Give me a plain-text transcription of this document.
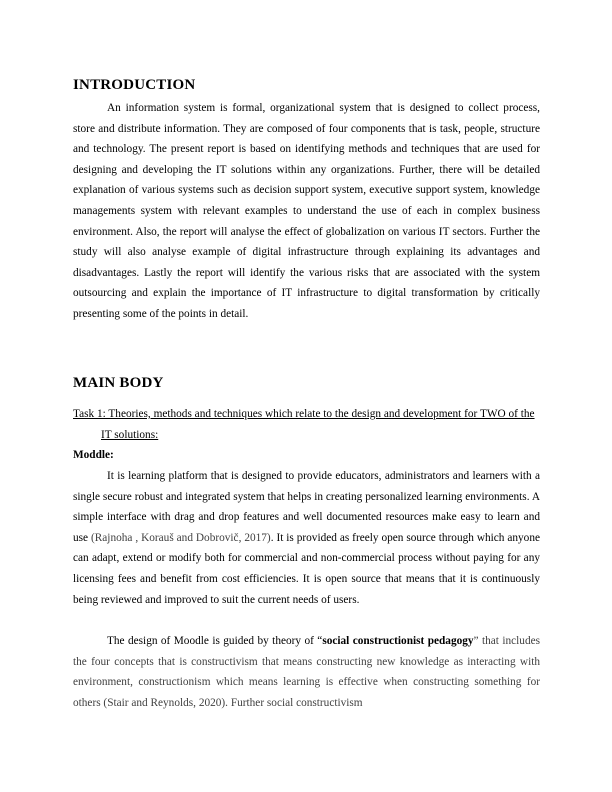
INTRODUCTION

An information system is formal, organizational system that is designed to collect process, store and distribute information. They are composed of four components that is task, people, structure and technology. The present report is based on identifying methods and techniques that are used for designing and developing the IT solutions within any organizations. Further, there will be detailed explanation of various systems such as decision support system, executive support system, knowledge managements system with relevant examples to understand the use of each in complex business environment. Also, the report will analyse the effect of globalization on various IT sectors. Further the study will also analyse example of digital infrastructure through explaining its advantages and disadvantages. Lastly the report will identify the various risks that are associated with the system outsourcing and explain the importance of IT infrastructure to digital transformation by critically presenting some of the points in detail.

MAIN BODY
Task 1: Theories, methods and techniques which relate to the design and development for TWO of the IT solutions:
Moddle:

It is learning platform that is designed to provide educators, administrators and learners with a single secure robust and integrated system that helps in creating personalized learning environments. A simple interface with drag and drop features and well documented resources make easy to learn and use (Rajnoha , Korauš and Dobrovič, 2017). It is provided as freely open source through which anyone can adapt, extend or modify both for commercial and non-commercial process without paying for any licensing fees and benefit from cost efficiencies. It is open source that means that it is continuously being reviewed and improved to suit the current needs of users.

The design of Moodle is guided by theory of “social constructionist pedagogy” that includes the four concepts that is constructivism that means constructing new knowledge as interacting with environment, constructionism which means learning is effective when constructing something for others (Stair and Reynolds, 2020). Further social constructivism
